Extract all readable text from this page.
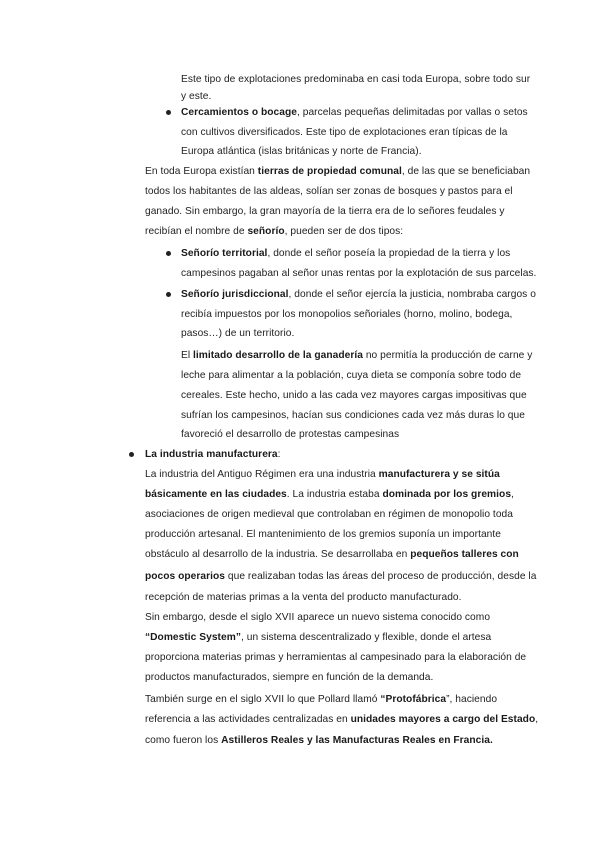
Este tipo de explotaciones predominaba en casi toda Europa, sobre todo sur
y este.
Cercamientos o bocage, parcelas pequeñas delimitadas por vallas o setos
con cultivos diversificados. Este tipo de explotaciones eran típicas de la
Europa atlántica (islas británicas y norte de Francia).
En toda Europa existían tierras de propiedad comunal, de las que se beneficiaban
todos los habitantes de las aldeas, solían ser zonas de bosques y pastos para el
ganado. Sin embargo, la gran mayoría de la tierra era de lo señores feudales y
recibían el nombre de señorío, pueden ser de dos tipos:
Señorío territorial, donde el señor poseía la propiedad de la tierra y los
campesinos pagaban al señor unas rentas por la explotación de sus parcelas.
Señorío jurisdiccional, donde el señor ejercía la justicia, nombraba cargos o
recibía impuestos por los monopolios señoriales (horno, molino, bodega,
pasos…) de un territorio.
El limitado desarrollo de la ganadería no permitía la producción de carne y
leche para alimentar a la población, cuya dieta se componía sobre todo de
cereales. Este hecho, unido a las cada vez mayores cargas impositivas que
sufrían los campesinos, hacían sus condiciones cada vez más duras lo que
favoreció el desarrollo de protestas campesinas
La industria manufacturera:
La industria del Antiguo Régimen era una industria manufacturera y se sitúa
básicamente en las ciudades. La industria estaba dominada por los gremios,
asociaciones de origen medieval que controlaban en régimen de monopolio toda
producción artesanal. El mantenimiento de los gremios suponía un importante
obstáculo al desarrollo de la industria. Se desarrollaba en pequeños talleres con
pocos operarios que realizaban todas las áreas del proceso de producción, desde la
recepción de materias primas a la venta del producto manufacturado.
Sin embargo, desde el siglo XVII aparece un nuevo sistema conocido como
“Domestic System”, un sistema descentralizado y flexible, donde el artesa
proporciona materias primas y herramientas al campesinado para la elaboración de
productos manufacturados, siempre en función de la demanda.
También surge en el siglo XVII lo que Pollard llamó “Protofábrica”, haciendo
referencia a las actividades centralizadas en unidades mayores a cargo del Estado,
como fueron los Astilleros Reales y las Manufacturas Reales en Francia.
